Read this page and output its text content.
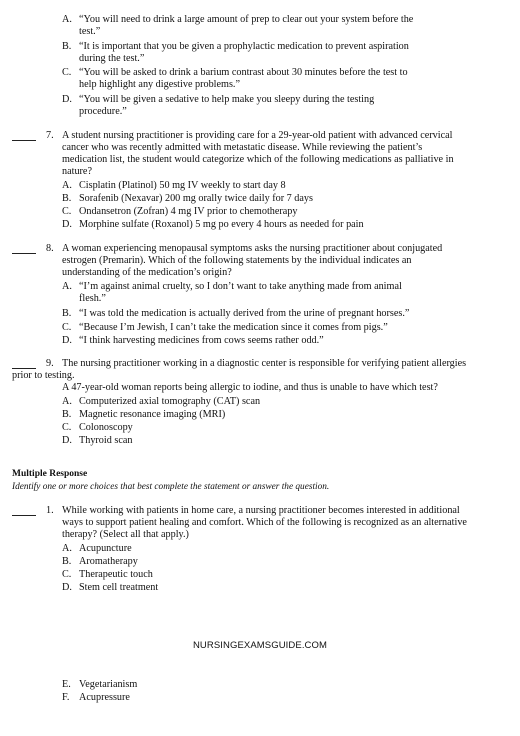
A. “You will need to drink a large amount of prep to clear out your system before the
test.”
B. “It is important that you be given a prophylactic medication to prevent aspiration
during the test.”
C. “You will be asked to drink a barium contrast about 30 minutes before the test to
help highlight any digestive problems.”
D. “You will be given a sedative to help make you sleepy during the testing
procedure.”
7. A student nursing practitioner is providing care for a 29-year-old patient with advanced cervical
cancer who was recently admitted with metastatic disease. While reviewing the patient’s
medication list, the student would categorize which of the following medications as palliative in
nature?
A. Cisplatin (Platinol) 50 mg IV weekly to start day 8
B. Sorafenib (Nexavar) 200 mg orally twice daily for 7 days
C. Ondansetron (Zofran) 4 mg IV prior to chemotherapy
D. Morphine sulfate (Roxanol) 5 mg po every 4 hours as needed for pain
8. A woman experiencing menopausal symptoms asks the nursing practitioner about conjugated
estrogen (Premarin). Which of the following statements by the individual indicates an
understanding of the medication’s origin?
A. “I’m against animal cruelty, so I don’t want to take anything made from animal
flesh.”
B. “I was told the medication is actually derived from the urine of pregnant horses.”
C. “Because I’m Jewish, I can’t take the medication since it comes from pigs.”
D. “I think harvesting medicines from cows seems rather odd.”
9. The nursing practitioner working in a diagnostic center is responsible for verifying patient allergies
prior to testing.
A 47-year-old woman reports being allergic to iodine, and thus is unable to have which test?
A. Computerized axial tomography (CAT) scan
B. Magnetic resonance imaging (MRI)
C. Colonoscopy
D. Thyroid scan
Multiple Response
Identify one or more choices that best complete the statement or answer the question.
1. While working with patients in home care, a nursing practitioner becomes interested in additional
ways to support patient healing and comfort. Which of the following is recognized as an alternative
therapy? (Select all that apply.)
A. Acupuncture
B. Aromatherapy
C. Therapeutic touch
D. Stem cell treatment
NURSINGEXAMSGUIDE.COM
E. Vegetarianism
F. Acupressure
